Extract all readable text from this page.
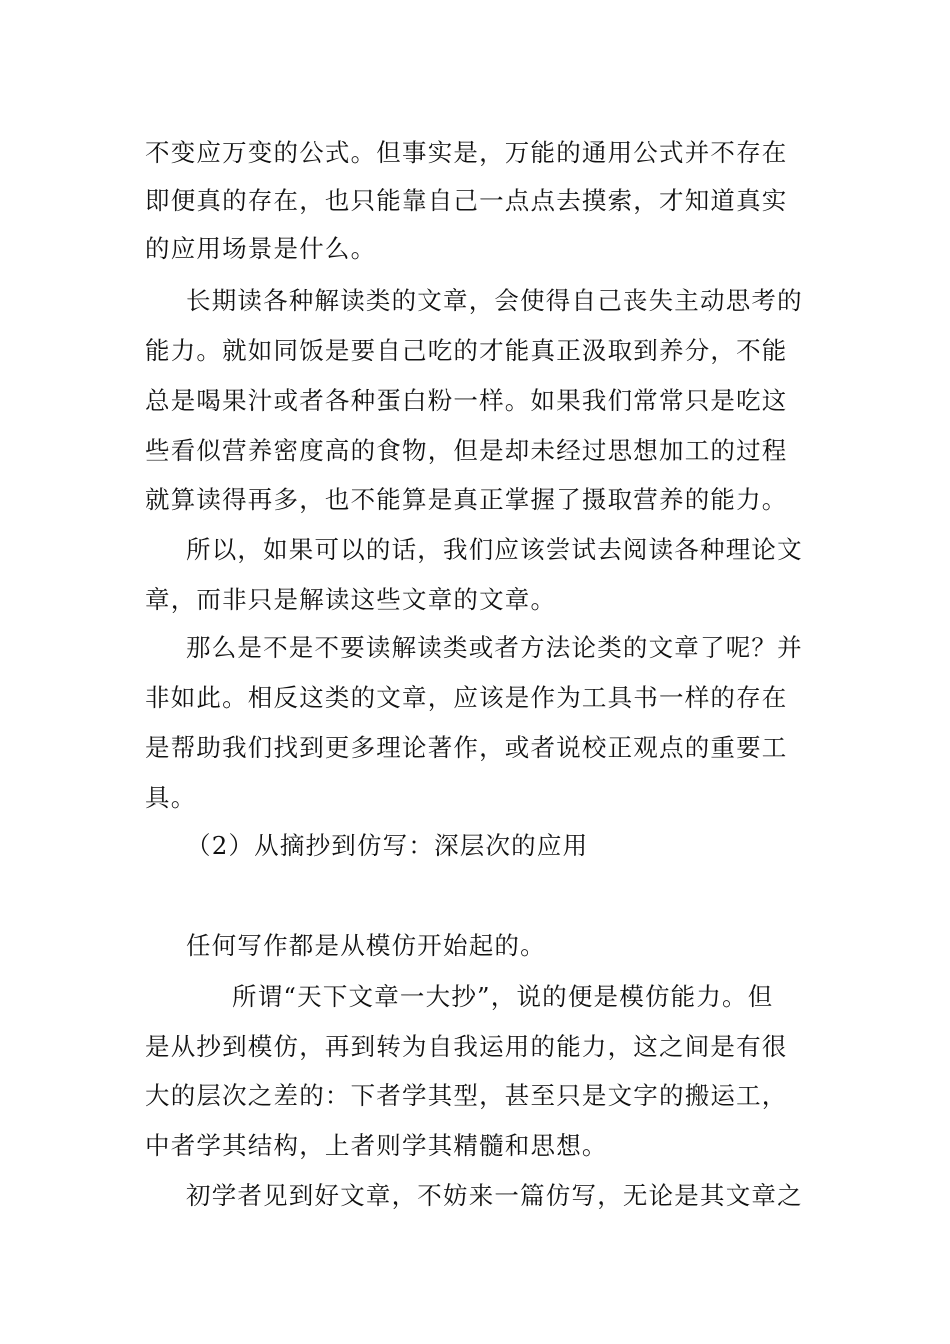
不变应万变的公式。但事实是，万能的通用公式并不存在
即便真的存在，也只能靠自己一点点去摸索，才知道真实
的应用场景是什么。
长期读各种解读类的文章，会使得自己丧失主动思考的
能力。就如同饭是要自己吃的才能真正汲取到养分，不能
总是喝果汁或者各种蛋白粉一样。如果我们常常只是吃这
些看似营养密度高的食物，但是却未经过思想加工的过程
就算读得再多，也不能算是真正掌握了摄取营养的能力。
所以，如果可以的话，我们应该尝试去阅读各种理论文
章，而非只是解读这些文章的文章。
那么是不是不要读解读类或者方法论类的文章了呢？并
非如此。相反这类的文章，应该是作为工具书一样的存在
是帮助我们找到更多理论著作，或者说校正观点的重要工
具。
（2）从摘抄到仿写：深层次的应用
任何写作都是从模仿开始起的。
所谓“天下文章一大抄”，说的便是模仿能力。但
是从抄到模仿，再到转为自我运用的能力，这之间是有很
大的层次之差的：下者学其型，甚至只是文字的搬运工，
中者学其结构，上者则学其精髓和思想。
初学者见到好文章，不妨来一篇仿写，无论是其文章之
